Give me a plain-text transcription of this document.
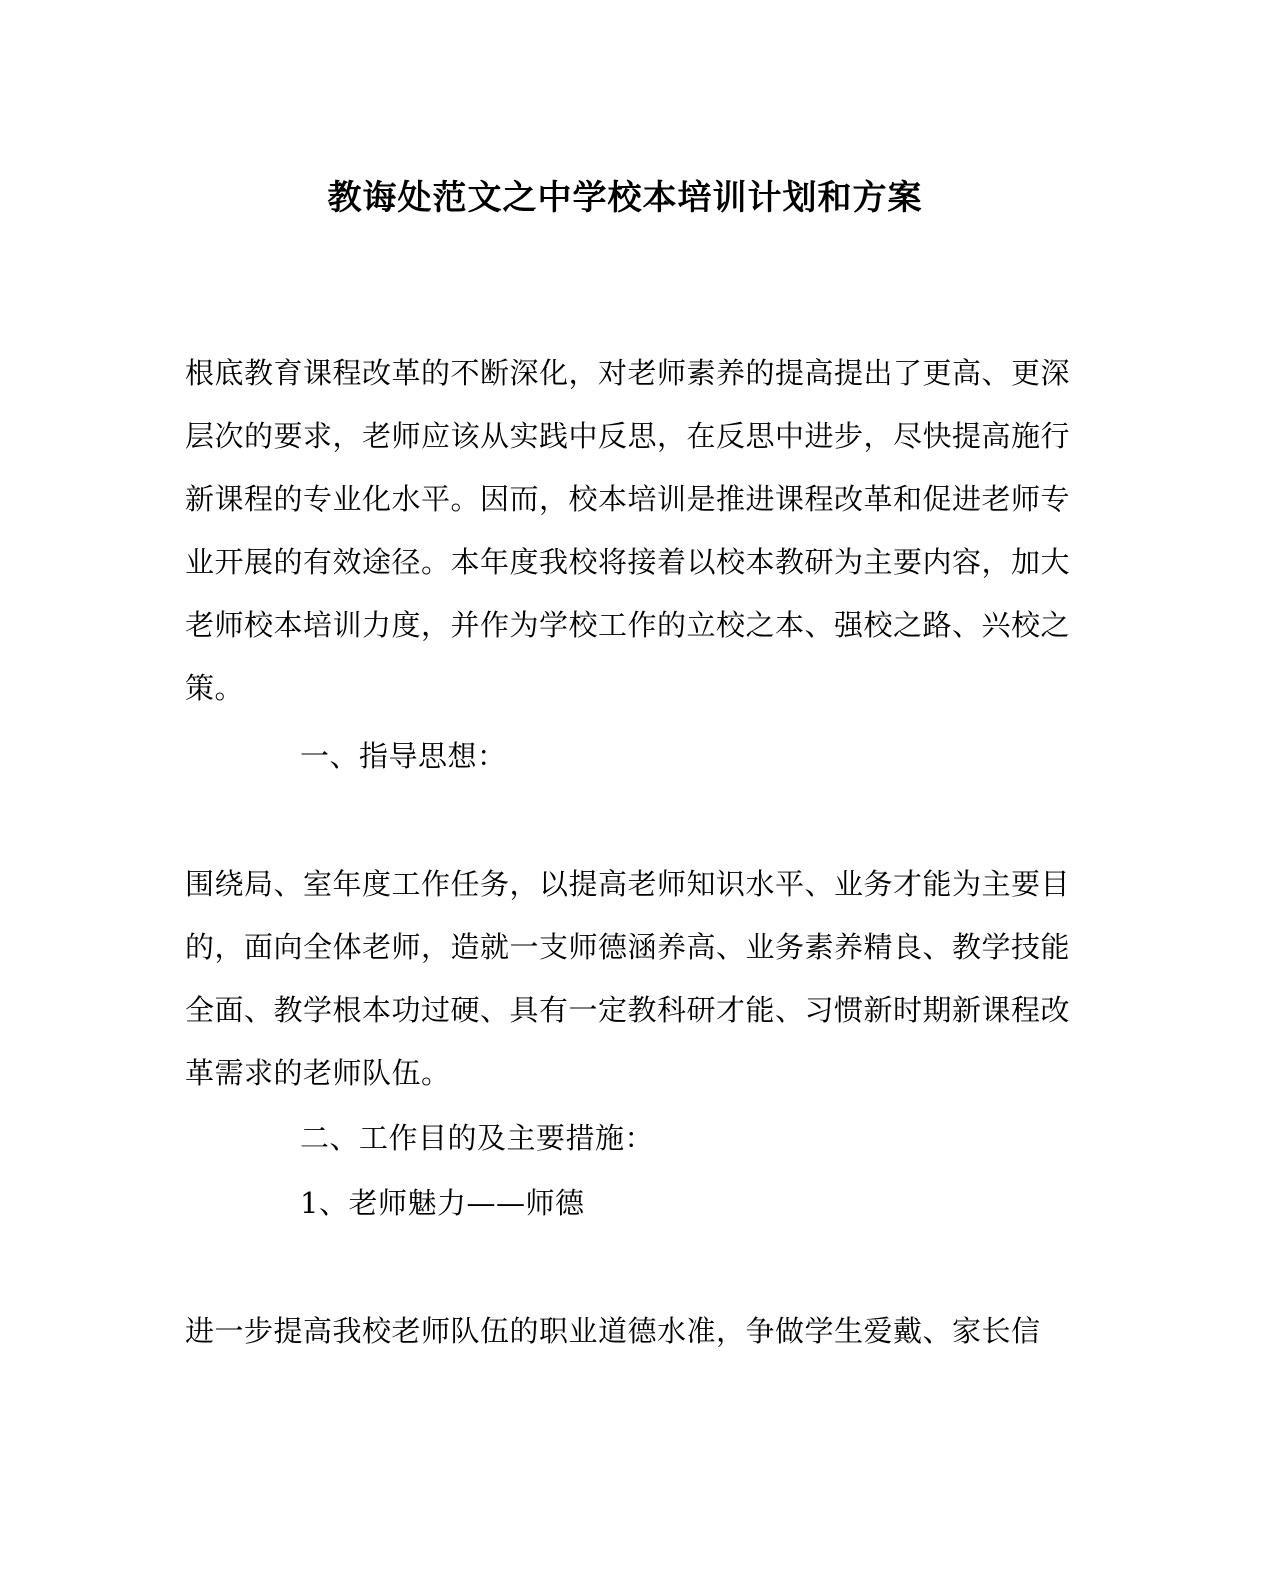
教诲处范文之中学校本培训计划和方案
根底教育课程改革的不断深化，对老师素养的提高提出了更高、更深
层次的要求，老师应该从实践中反思，在反思中进步，尽快提高施行
新课程的专业化水平。因而，校本培训是推进课程改革和促进老师专
业开展的有效途径。本年度我校将接着以校本教研为主要内容，加大
老师校本培训力度，并作为学校工作的立校之本、强校之路、兴校之
策。
一、指导思想：
围绕局、室年度工作任务，以提高老师知识水平、业务才能为主要目
的，面向全体老师，造就一支师德涵养高、业务素养精良、教学技能
全面、教学根本功过硬、具有一定教科研才能、习惯新时期新课程改
革需求的老师队伍。
二、工作目的及主要措施：
1、老师魅力——师德
进一步提高我校老师队伍的职业道德水准，争做学生爱戴、家长信
